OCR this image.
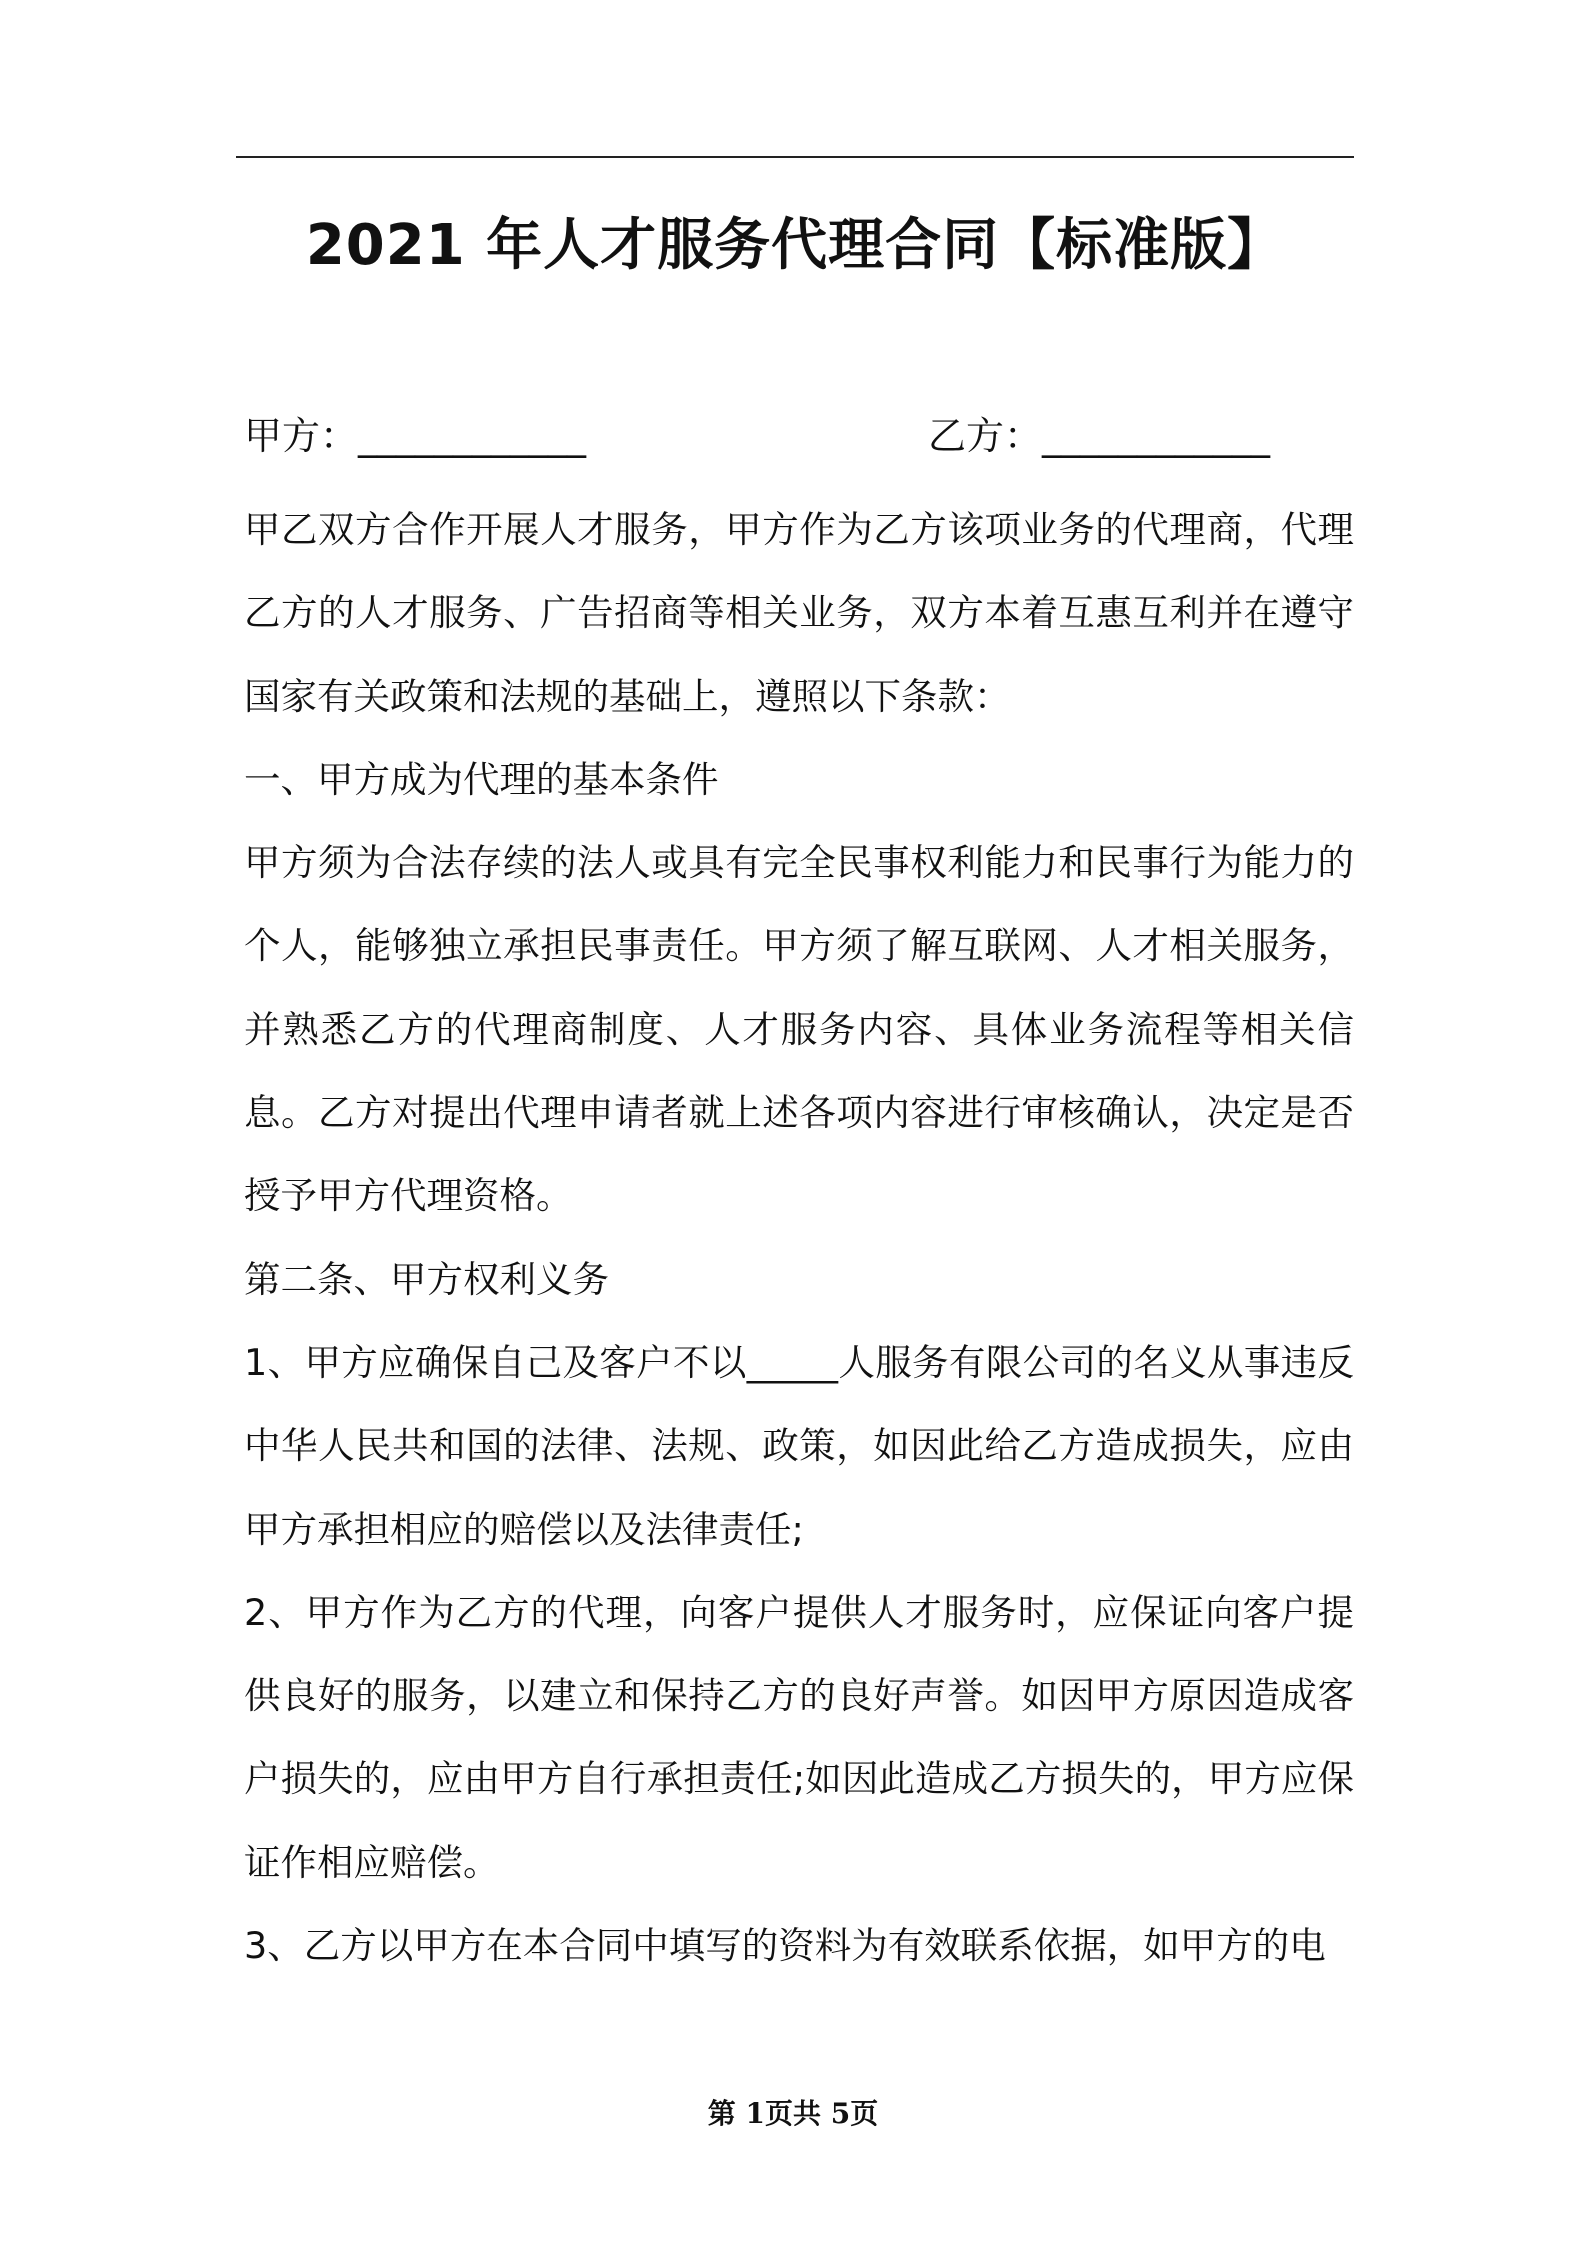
2021 年人才服务代理合同【标准版】
甲方：____________	乙方：____________

甲乙双方合作开展人才服务，甲方作为乙方该项业务的代理商，代理乙方的人才服务、广告招商等相关业务，双方本着互惠互利并在遵守国家有关政策和法规的基础上，遵照以下条款：

一、甲方成为代理的基本条件

甲方须为合法存续的法人或具有完全民事权利能力和民事行为能力的个人，能够独立承担民事责任。甲方须了解互联网、人才相关服务，并熟悉乙方的代理商制度、人才服务内容、具体业务流程等相关信息。乙方对提出代理申请者就上述各项内容进行审核确认，决定是否授予甲方代理资格。

第二条、甲方权利义务

1、甲方应确保自己及客户不以_____人服务有限公司的名义从事违反中华人民共和国的法律、法规、政策，如因此给乙方造成损失，应由甲方承担相应的赔偿以及法律责任;

2、甲方作为乙方的代理，向客户提供人才服务时，应保证向客户提供良好的服务，以建立和保持乙方的良好声誉。如因甲方原因造成客户损失的，应由甲方自行承担责任;如因此造成乙方损失的，甲方应保证作相应赔偿。

3、乙方以甲方在本合同中填写的资料为有效联系依据，如甲方的电

第 1页共 5页
